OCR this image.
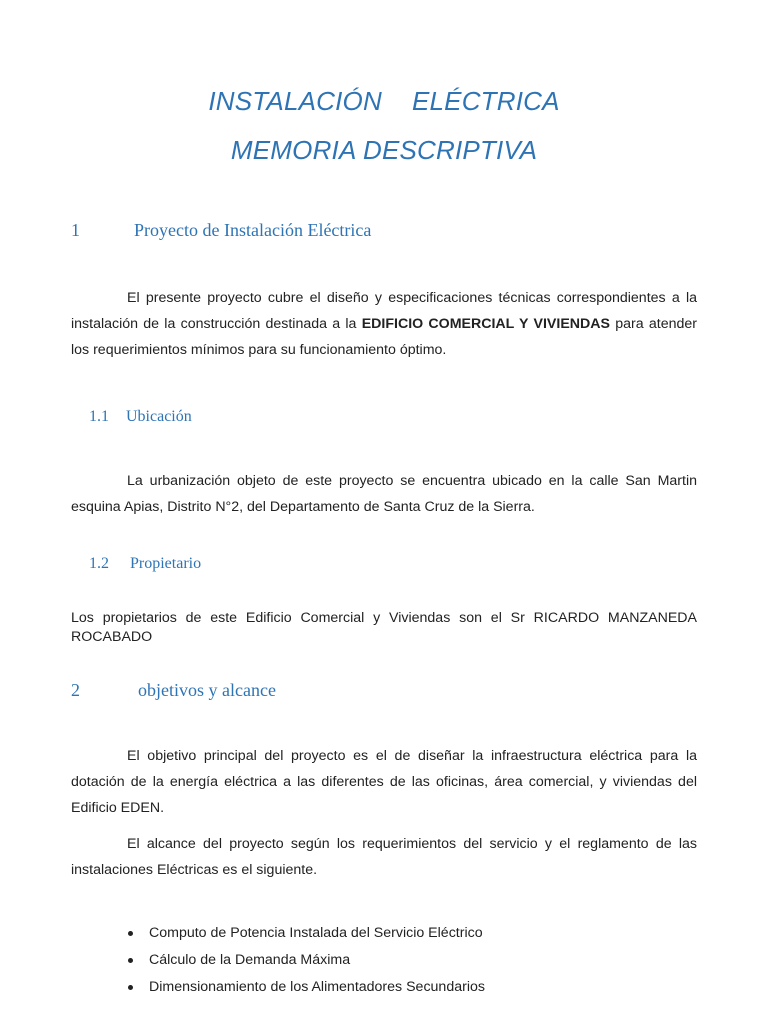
INSTALACIÓN ELÉCTRICA
MEMORIA DESCRIPTIVA
1	Proyecto de Instalación Eléctrica
El presente proyecto cubre el diseño y especificaciones técnicas correspondientes a la instalación de la construcción destinada a la EDIFICIO COMERCIAL Y VIVIENDAS para atender los requerimientos mínimos para su funcionamiento óptimo.
1.1 Ubicación
La urbanización objeto de este proyecto se encuentra ubicado en la calle San Martin esquina Apias, Distrito N°2, del Departamento de Santa Cruz de la Sierra.
1.2 Propietario
Los propietarios de este Edificio Comercial y Viviendas son el Sr RICARDO MANZANEDA ROCABADO
2	objetivos y alcance
El objetivo principal del proyecto es el de diseñar la infraestructura eléctrica para la dotación de la energía eléctrica a las diferentes de las oficinas, área comercial, y viviendas del Edificio EDEN.
El alcance del proyecto según los requerimientos del servicio y el reglamento de las instalaciones Eléctricas es el siguiente.
Computo de Potencia Instalada del Servicio Eléctrico
Cálculo de la Demanda Máxima
Dimensionamiento de los Alimentadores Secundarios
